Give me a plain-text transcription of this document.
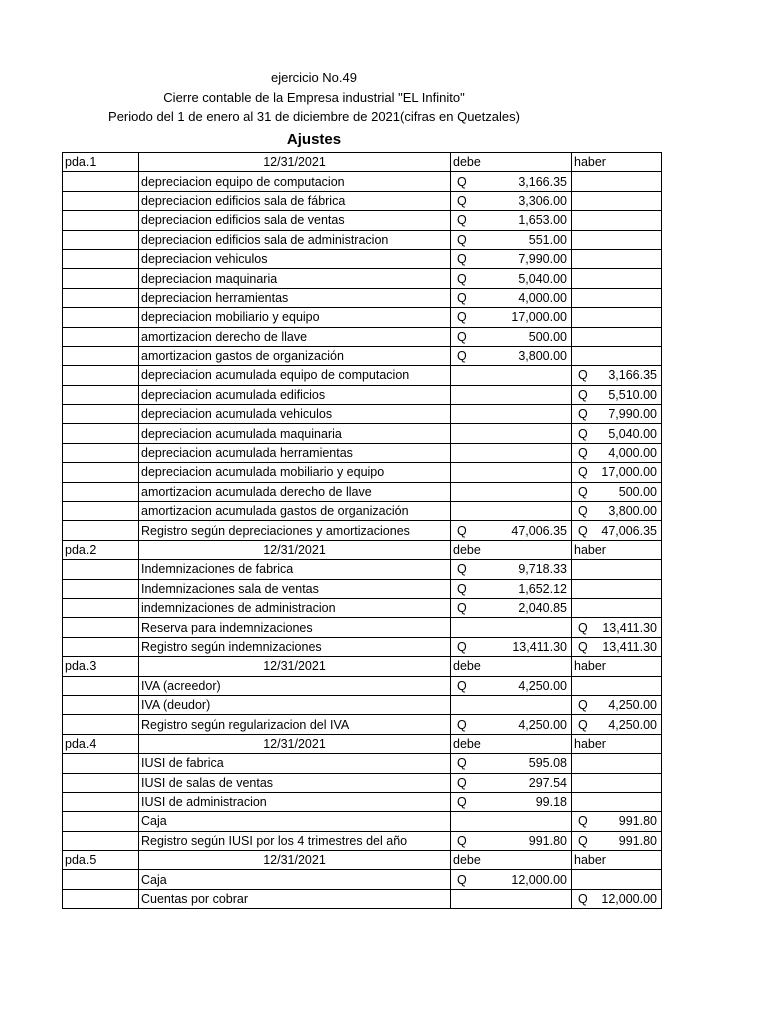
ejercicio No.49
Cierre contable de la Empresa industrial "EL Infinito"
Periodo del 1 de enero al 31 de diciembre de 2021(cifras en Quetzales)
Ajustes
pda.1	12/31/2021	debe	haber
	depreciacion equipo de computacion	Q 3,166.35	

	depreciacion edificios sala de fábrica	Q 3,306.00	

	depreciacion edificios sala de ventas	Q 1,653.00	

	depreciacion edificios sala de administracion	Q 551.00	

	depreciacion vehiculos	Q 7,990.00	

	depreciacion maquinaria	Q 5,040.00	

	depreciacion herramientas	Q 4,000.00	

	depreciacion mobiliario y equipo	Q 17,000.00	

	amortizacion derecho de llave	Q 500.00	

	amortizacion gastos de organización	Q 3,800.00	

	depreciacion acumulada equipo de computacion		Q 3,166.35

	depreciacion acumulada edificios		Q 5,510.00

	depreciacion acumulada vehiculos		Q 7,990.00

	depreciacion acumulada maquinaria		Q 5,040.00

	depreciacion acumulada herramientas		Q 4,000.00

	depreciacion acumulada mobiliario y equipo		Q 17,000.00

	amortizacion acumulada derecho de llave		Q 500.00

	amortizacion acumulada gastos de organización		Q 3,800.00

	Registro según depreciaciones y amortizaciones	Q 47,006.35	Q 47,006.35

pda.2	12/31/2021	debe	haber
	Indemnizaciones de fabrica	Q 9,718.33	

	Indemnizaciones sala de ventas	Q 1,652.12	

	indemnizaciones de administracion	Q 2,040.85	

	Reserva para indemnizaciones		Q 13,411.30

	Registro según indemnizaciones	Q 13,411.30	Q 13,411.30

pda.3	12/31/2021	debe	haber
	IVA (acreedor)	Q 4,250.00	

	IVA (deudor)		Q 4,250.00

	Registro según regularizacion del IVA	Q 4,250.00	Q 4,250.00

pda.4	12/31/2021	debe	haber
	IUSI de fabrica	Q 595.08	

	IUSI de salas de ventas	Q 297.54	

	IUSI de administracion	Q 99.18	

	Caja		Q 991.80

	Registro según IUSI por los 4 trimestres del año	Q 991.80	Q 991.80

pda.5	12/31/2021	debe	haber
	Caja	Q 12,000.00	

	Cuentas por cobrar		Q 12,000.00
